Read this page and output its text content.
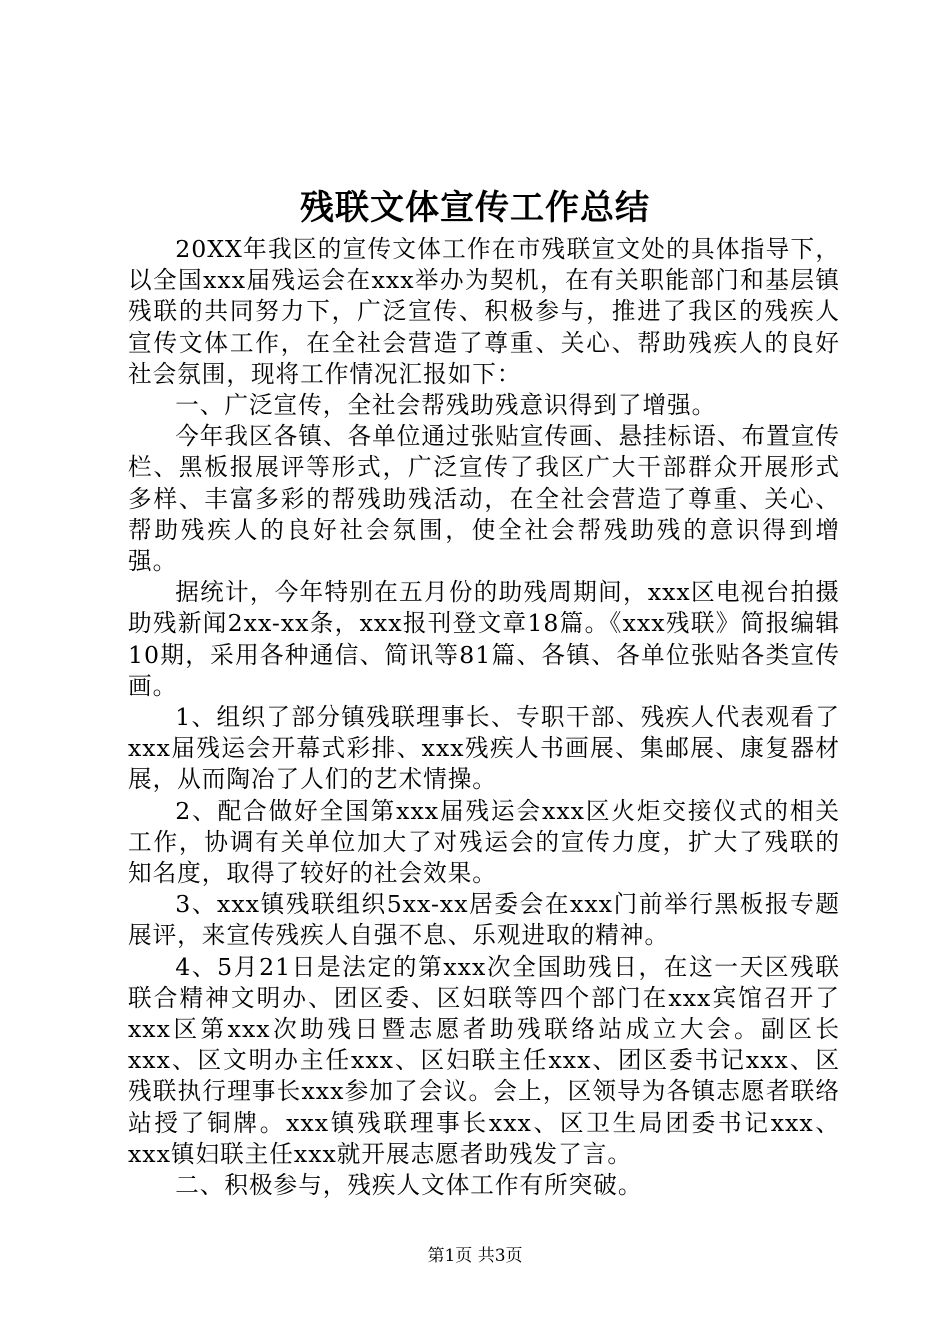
残联文体宣传工作总结

20XX年我区的宣传文体工作在市残联宣文处的具体指导下，以全国xxx届残运会在xxx举办为契机，在有关职能部门和基层镇残联的共同努力下，广泛宣传、积极参与，推进了我区的残疾人宣传文体工作，在全社会营造了尊重、关心、帮助残疾人的良好社会氛围，现将工作情况汇报如下：

一、广泛宣传，全社会帮残助残意识得到了增强。

今年我区各镇、各单位通过张贴宣传画、悬挂标语、布置宣传栏、黑板报展评等形式，广泛宣传了我区广大干部群众开展形式多样、丰富多彩的帮残助残活动，在全社会营造了尊重、关心、帮助残疾人的良好社会氛围，使全社会帮残助残的意识得到增强。

据统计，今年特别在五月份的助残周期间，xxx区电视台拍摄助残新闻2xx-xx条，xxx报刊登文章18篇。《xxx残联》简报编辑10期，采用各种通信、简讯等81篇、各镇、各单位张贴各类宣传画。

1、组织了部分镇残联理事长、专职干部、残疾人代表观看了xxx届残运会开幕式彩排、xxx残疾人书画展、集邮展、康复器材展，从而陶冶了人们的艺术情操。

2、配合做好全国第xxx届残运会xxx区火炬交接仪式的相关工作，协调有关单位加大了对残运会的宣传力度，扩大了残联的知名度，取得了较好的社会效果。

3、xxx镇残联组织5xx-xx居委会在xxx门前举行黑板报专题展评，来宣传残疾人自强不息、乐观进取的精神。

4、5月21日是法定的第xxx次全国助残日，在这一天区残联联合精神文明办、团区委、区妇联等四个部门在xxx宾馆召开了xxx区第xxx次助残日暨志愿者助残联络站成立大会。副区长xxx、区文明办主任xxx、区妇联主任xxx、团区委书记xxx、区残联执行理事长xxx参加了会议。会上，区领导为各镇志愿者联络站授了铜牌。xxx镇残联理事长xxx、区卫生局团委书记xxx、xxx镇妇联主任xxx就开展志愿者助残发了言。

二、积极参与，残疾人文体工作有所突破。

第1页 共3页
